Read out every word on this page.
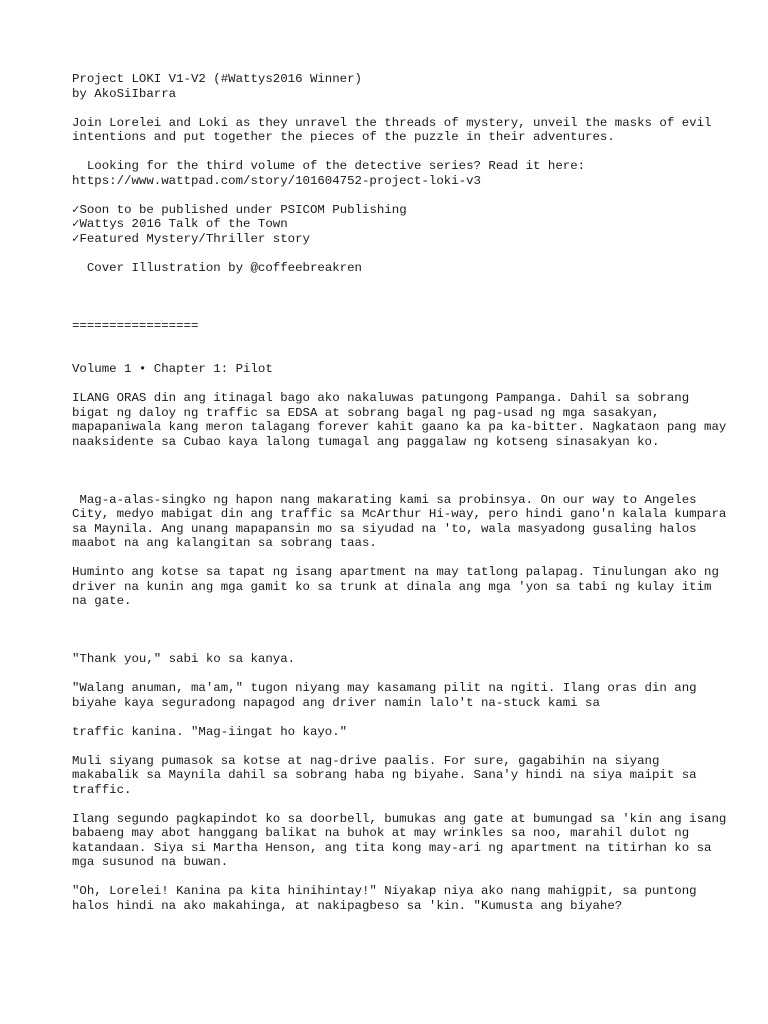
Project LOKI V1-V2 (#Wattys2016 Winner)

by AkoSiIbarra

Join Lorelei and Loki as they unravel the threads of mystery, unveil the masks of evil intentions and put together the pieces of the puzzle in their adventures.

Looking for the third volume of the detective series? Read it here:

https://www.wattpad.com/story/101604752-project-loki-v3

✓Soon to be published under PSICOM Publishing

✓Wattys 2016 Talk of the Town

✓Featured Mystery/Thriller story

Cover Illustration by @coffeebreakren

=================

Volume 1 • Chapter 1: Pilot

ILANG ORAS din ang itinagal bago ako nakaluwas patungong Pampanga. Dahil sa sobrang bigat ng daloy ng traffic sa EDSA at sobrang bagal ng pag-usad ng mga sasakyan, mapapaniwala kang meron talagang forever kahit gaano ka pa ka-bitter. Nagkataon pang may naaksidente sa Cubao kaya lalong tumagal ang paggalaw ng kotseng sinasakyan ko.

Mag-a-alas-singko ng hapon nang makarating kami sa probinsya. On our way to Angeles City, medyo mabigat din ang traffic sa McArthur Hi-way, pero hindi gano'n kalala kumpara sa Maynila. Ang unang mapapansin mo sa siyudad na 'to, wala masyadong gusaling halos maabot na ang kalangitan sa sobrang taas.

Huminto ang kotse sa tapat ng isang apartment na may tatlong palapag. Tinulungan ako ng driver na kunin ang mga gamit ko sa trunk at dinala ang mga 'yon sa tabi ng kulay itim na gate.

"Thank you," sabi ko sa kanya.

"Walang anuman, ma'am," tugon niyang may kasamang pilit na ngiti. Ilang oras din ang biyahe kaya seguradong napagod ang driver namin lalo't na-stuck kami sa

traffic kanina. "Mag-iingat ho kayo."

Muli siyang pumasok sa kotse at nag-drive paalis. For sure, gagabihin na siyang makabalik sa Maynila dahil sa sobrang haba ng biyahe. Sana'y hindi na siya maipit sa traffic.

Ilang segundo pagkapindot ko sa doorbell, bumukas ang gate at bumungad sa 'kin ang isang babaeng may abot hanggang balikat na buhok at may wrinkles sa noo, marahil dulot ng katandaan. Siya si Martha Henson, ang tita kong may-ari ng apartment na titirhan ko sa mga susunod na buwan.

"Oh, Lorelei! Kanina pa kita hinihintay!" Niyakap niya ako nang mahigpit, sa puntong halos hindi na ako makahinga, at nakipagbeso sa 'kin. "Kumusta ang biyahe?
